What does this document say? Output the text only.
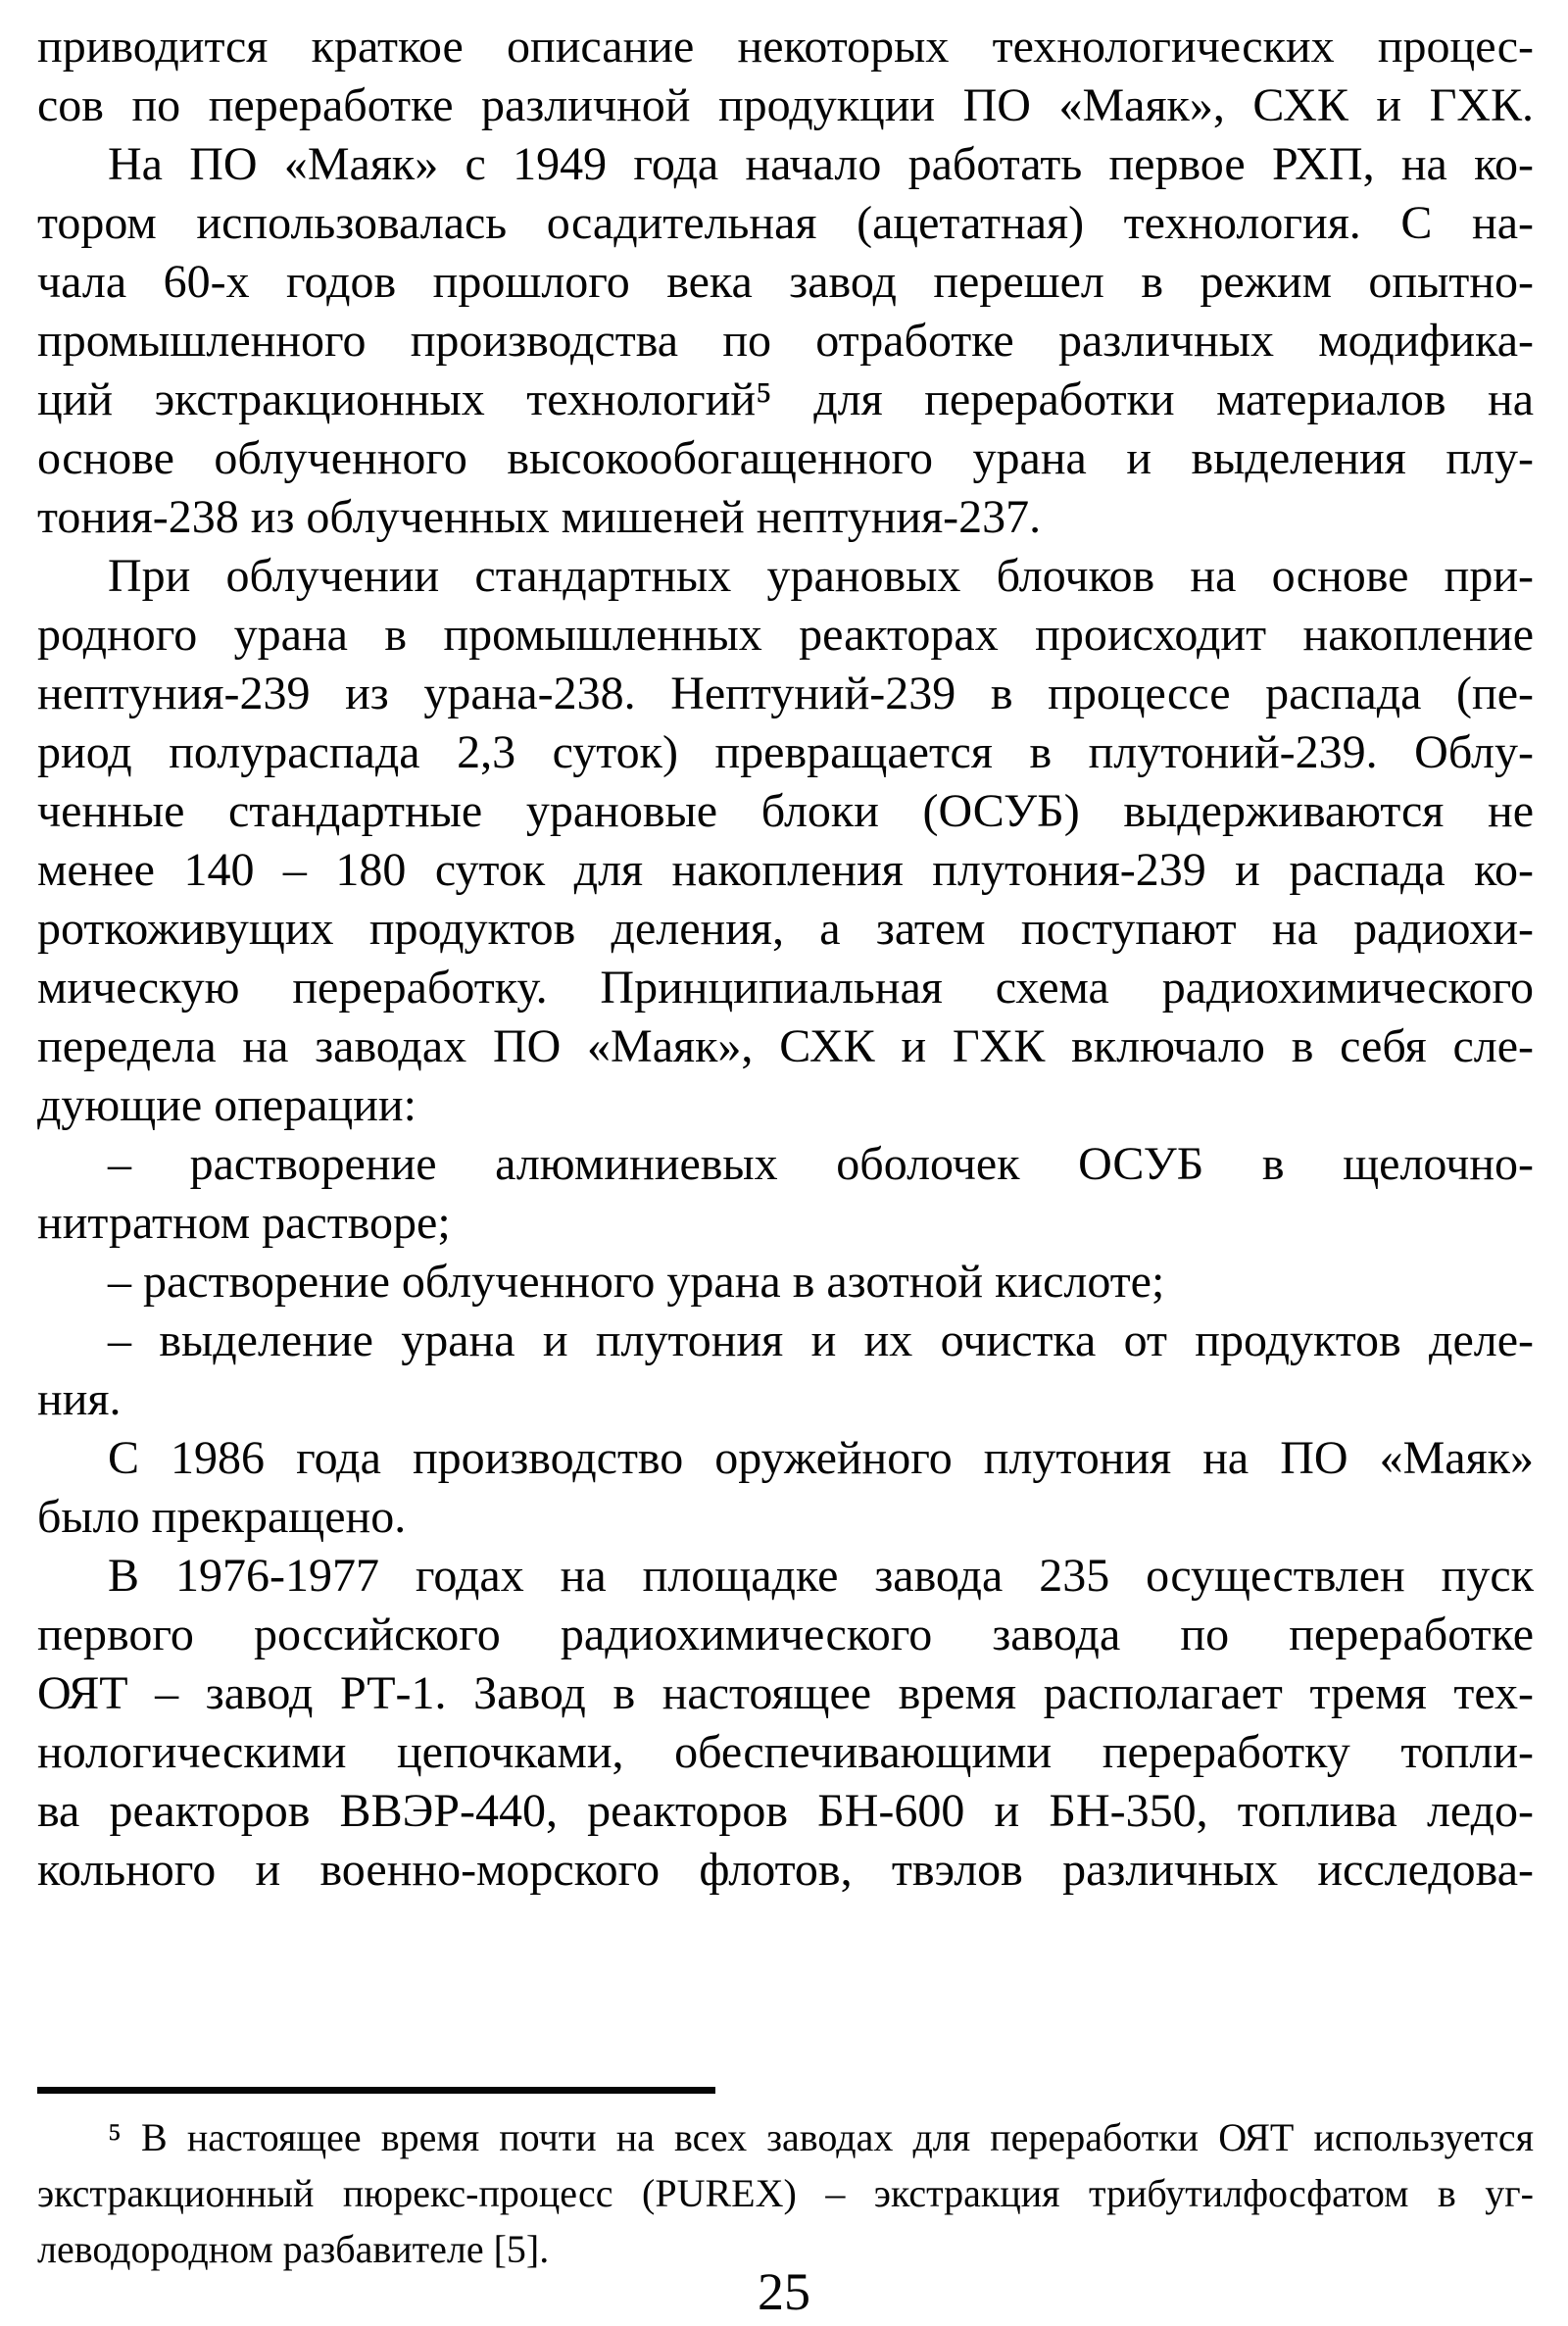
приводится краткое описание некоторых технологических процес-
сов по переработке различной продукции ПО «Маяк», СХК и ГХК.
На ПО «Маяк» с 1949 года начало работать первое РХП, на ко-
тором использовалась осадительная (ацетатная) технология. С на-
чала 60-х годов прошлого века завод перешел в режим опытно-
промышленного производства по отработке различных модифика-
ций экстракционных технологий⁵ для переработки материалов на
основе облученного высокообогащенного урана и выделения плу-
тония-238 из облученных мишеней нептуния-237.
При облучении стандартных урановых блочков на основе при-
родного урана в промышленных реакторах происходит накопление
нептуния-239 из урана-238. Нептуний-239 в процессе распада (пе-
риод полураспада 2,3 суток) превращается в плутоний-239. Облу-
ченные стандартные урановые блоки (ОСУБ) выдерживаются не
менее 140 – 180 суток для накопления плутония-239 и распада ко-
роткоживущих продуктов деления, а затем поступают на радиохи-
мическую переработку. Принципиальная схема радиохимического
передела на заводах ПО «Маяк», СХК и ГХК включало в себя сле-
дующие операции:
– растворение алюминиевых оболочек ОСУБ в щелочно-
нитратном растворе;
– растворение облученного урана в азотной кислоте;
– выделение урана и плутония и их очистка от продуктов деле-
ния.
С 1986 года производство оружейного плутония на ПО «Маяк»
было прекращено.
В 1976-1977 годах на площадке завода 235 осуществлен пуск
первого российского радиохимического завода по переработке
ОЯТ – завод РТ-1. Завод в настоящее время располагает тремя тех-
нологическими цепочками, обеспечивающими переработку топли-
ва реакторов ВВЭР-440, реакторов БН-600 и БН-350, топлива ледо-
кольного и военно-морского флотов, твэлов различных исследова-
⁵ В настоящее время почти на всех заводах для переработки ОЯТ используется
экстракционный пюрекс-процесс (PUREX) – экстракция трибутилфосфатом в уг-
леводородном разбавителе [5].
25
